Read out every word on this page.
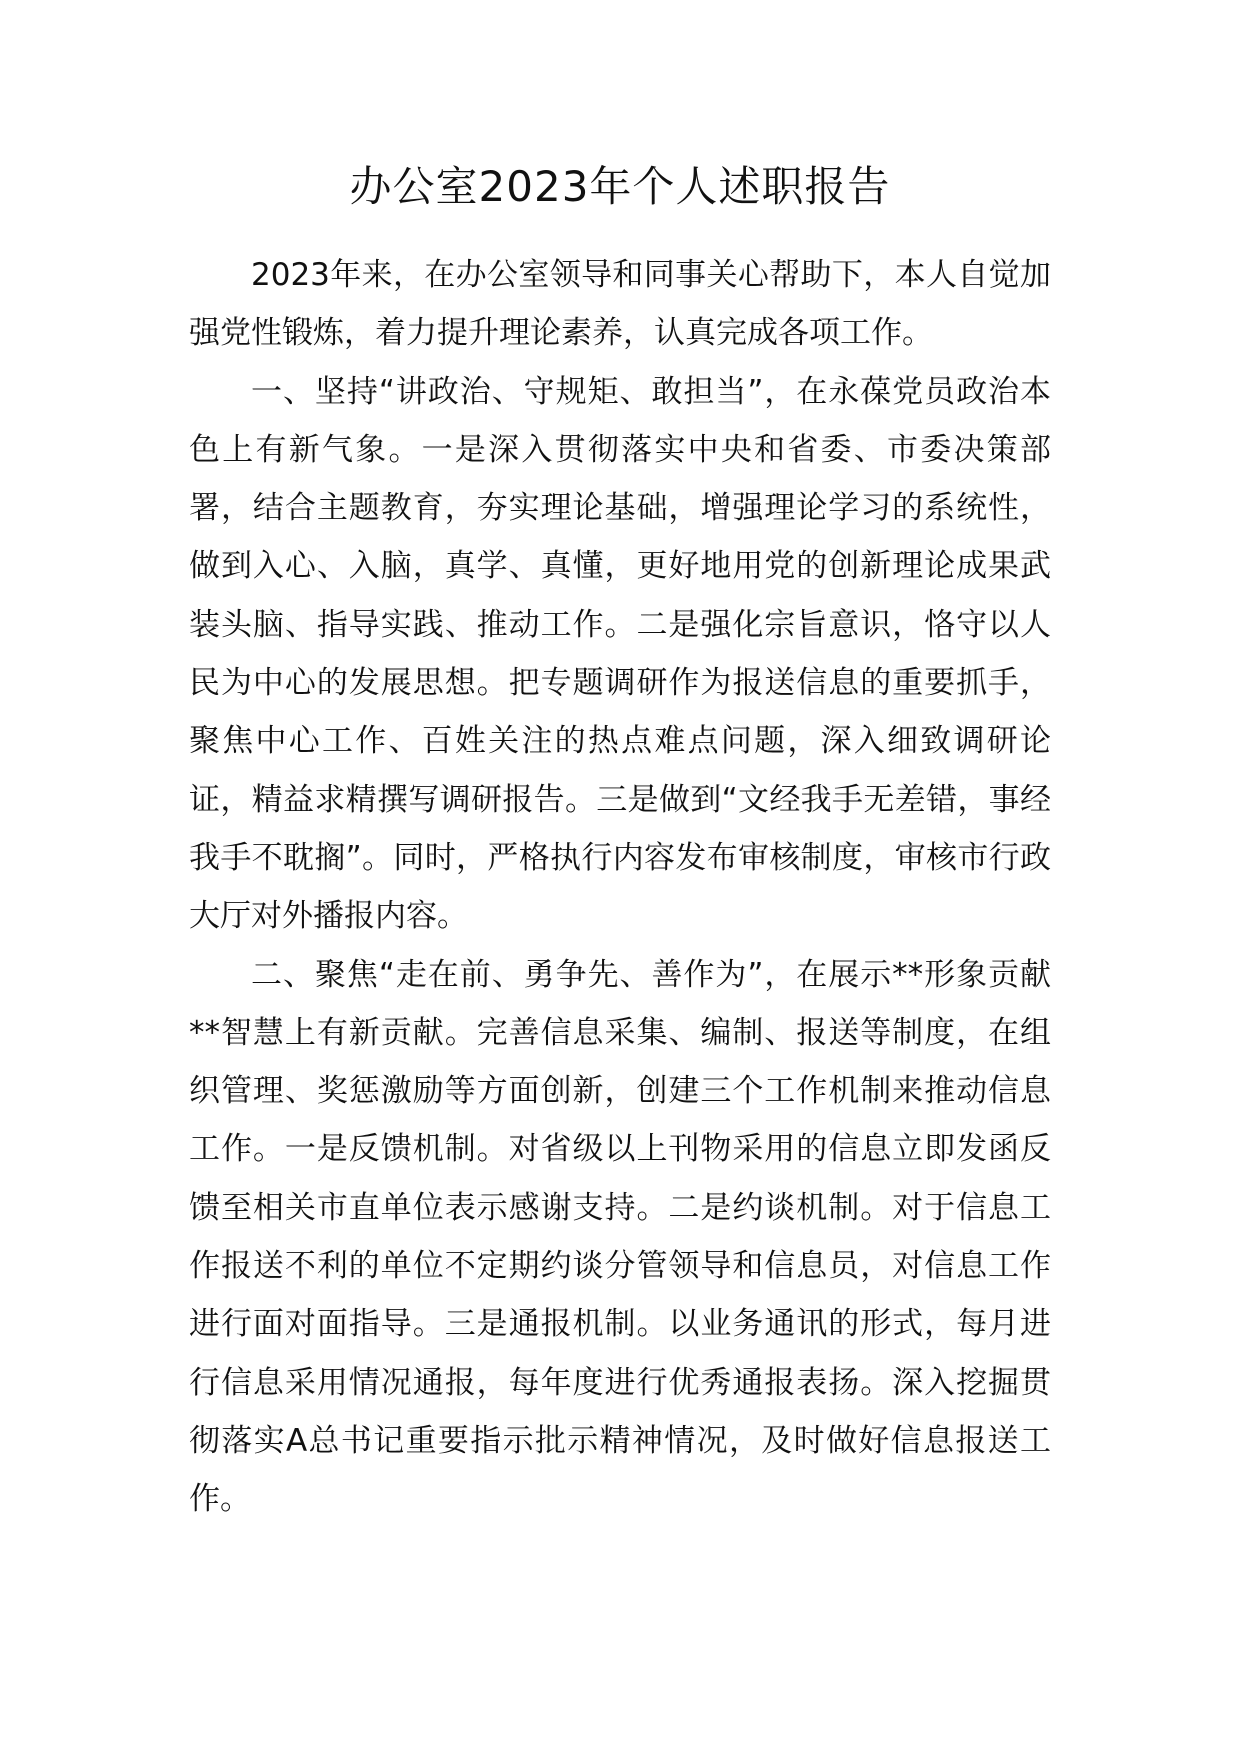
办公室2023年个人述职报告

2023年来，在办公室领导和同事关心帮助下，本人自觉加强党性锻炼，着力提升理论素养，认真完成各项工作。

一、坚持“讲政治、守规矩、敢担当”，在永葆党员政治本色上有新气象。一是深入贯彻落实中央和省委、市委决策部署，结合主题教育，夯实理论基础，增强理论学习的系统性，做到入心、入脑，真学、真懂，更好地用党的创新理论成果武装头脑、指导实践、推动工作。二是强化宗旨意识，恪守以人民为中心的发展思想。把专题调研作为报送信息的重要抓手，聚焦中心工作、百姓关注的热点难点问题，深入细致调研论证，精益求精撰写调研报告。三是做到“文经我手无差错，事经我手不耽搁”。同时，严格执行内容发布审核制度，审核市行政大厅对外播报内容。

二、聚焦“走在前、勇争先、善作为”，在展示**形象贡献**智慧上有新贡献。完善信息采集、编制、报送等制度，在组织管理、奖惩激励等方面创新，创建三个工作机制来推动信息工作。一是反馈机制。对省级以上刊物采用的信息立即发函反馈至相关市直单位表示感谢支持。二是约谈机制。对于信息工作报送不利的单位不定期约谈分管领导和信息员，对信息工作进行面对面指导。三是通报机制。以业务通讯的形式，每月进行信息采用情况通报，每年度进行优秀通报表扬。深入挖掘贯彻落实A总书记重要指示批示精神情况，及时做好信息报送工作。
